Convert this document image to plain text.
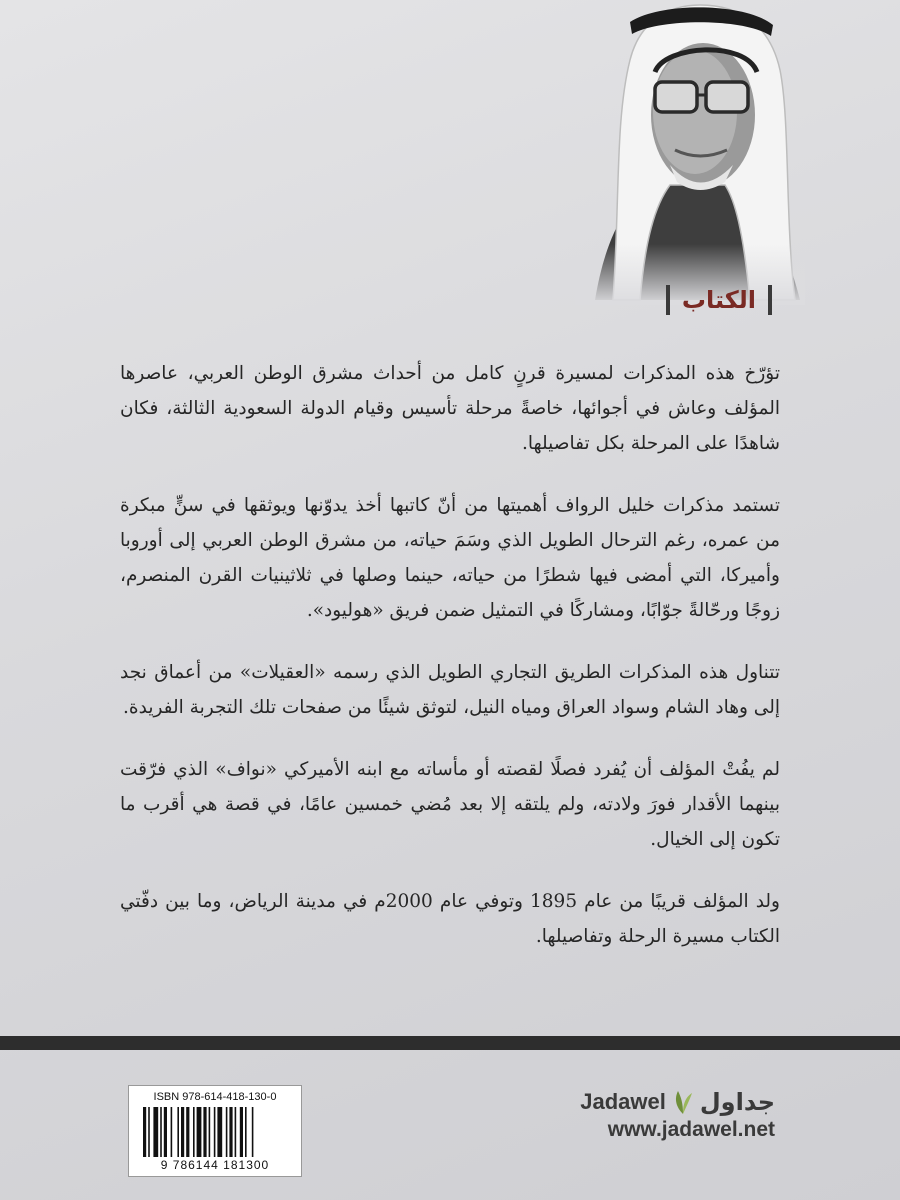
الكتاب

تؤرّخ هذه المذكرات لمسيرة قرنٍ كامل من أحداث مشرق الوطن العربي، عاصرها المؤلف وعاش في أجوائها، خاصةً مرحلة تأسيس وقيام الدولة السعودية الثالثة، فكان شاهدًا على المرحلة بكل تفاصيلها.

تستمد مذكرات خليل الرواف أهميتها من أنّ كاتبها أخذ يدوّنها ويوثقها في سنٍّ مبكرة من عمره، رغم الترحال الطويل الذي وسَمَ حياته، من مشرق الوطن العربي إلى أوروبا وأميركا، التي أمضى فيها شطرًا من حياته، حينما وصلها في ثلاثينيات القرن المنصرم، زوجًا ورحّالةً جوّابًا، ومشاركًا في التمثيل ضمن فريق «هوليود».

تتناول هذه المذكرات الطريق التجاري الطويل الذي رسمه «العقيلات» من أعماق نجد إلى وهاد الشام وسواد العراق ومياه النيل، لتوثق شيئًا من صفحات تلك التجربة الفريدة.

لم يفُتْ المؤلف أن يُفرد فصلًا لقصته أو مأساته مع ابنه الأميركي «نواف» الذي فرّقت بينهما الأقدار فورَ ولادته، ولم يلتقه إلا بعد مُضي خمسين عامًا، في قصة هي أقرب ما تكون إلى الخيال.

ولد المؤلف قريبًا من عام 1895 وتوفي عام 2000م في مدينة الرياض، وما بين دفّتي الكتاب مسيرة الرحلة وتفاصيلها.

ISBN 978-614-418-130-0
9 786144 181300
Jadawel جداول
www.jadawel.net
